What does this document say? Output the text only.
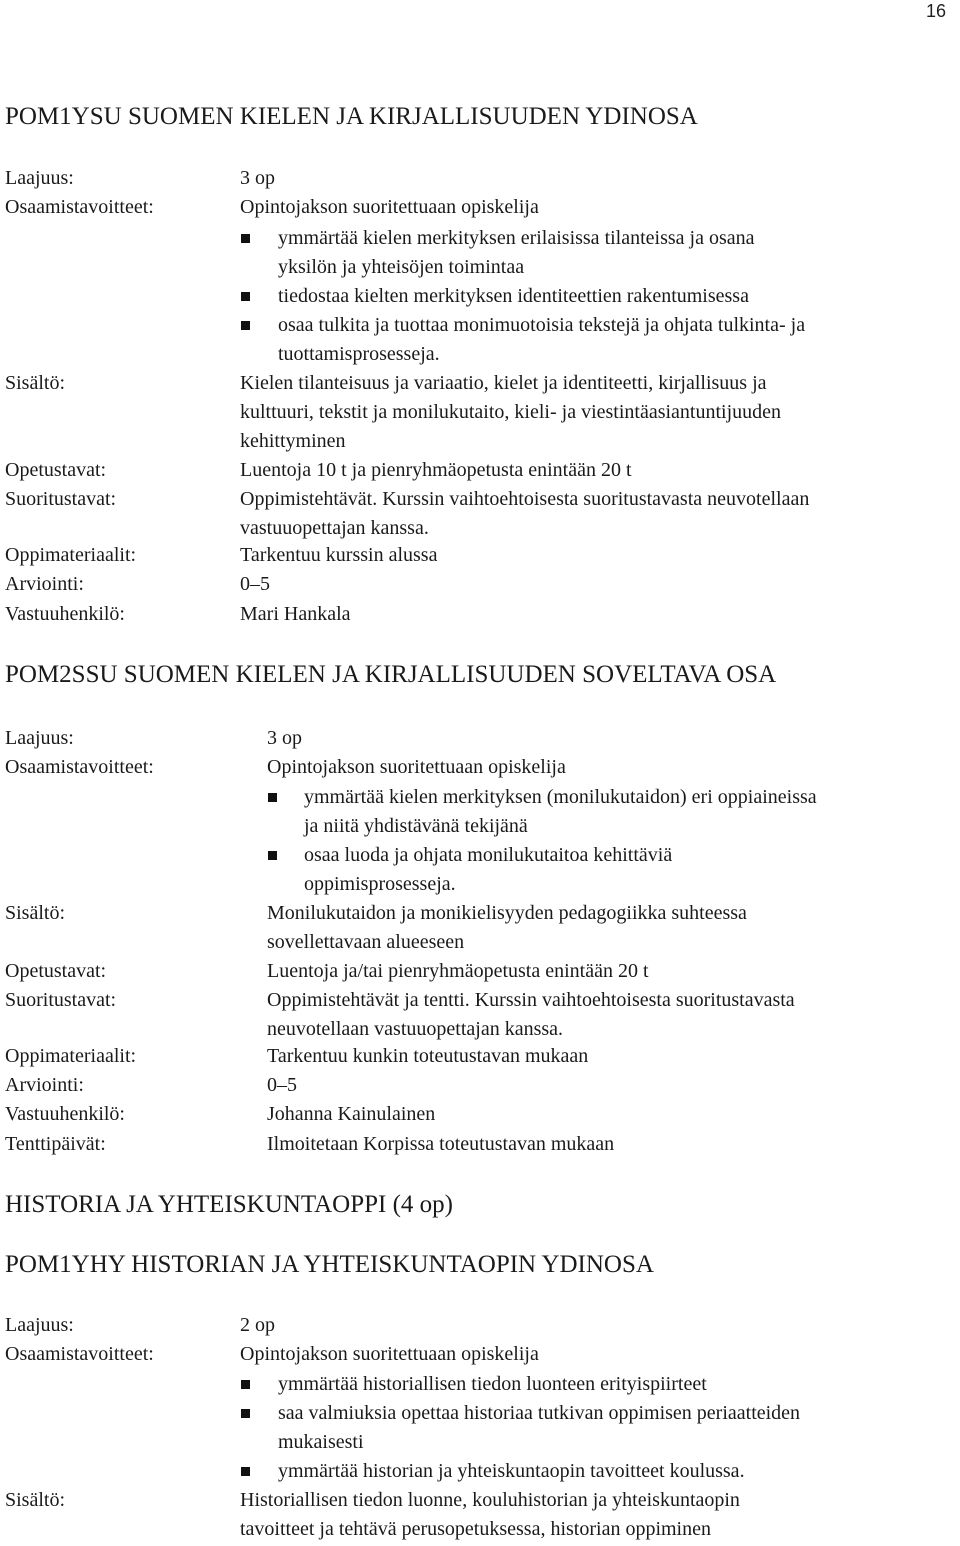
16
POM1YSU SUOMEN KIELEN JA KIRJALLISUUDEN YDINOSA
Laajuus:	3 op
Osaamistavoitteet:	Opintojakson suoritettuaan opiskelija
ymmärtää kielen merkityksen erilaisissa tilanteissa ja osana
yksilön ja yhteisöjen toimintaa
tiedostaa kielten merkityksen identiteettien rakentumisessa
osaa tulkita ja tuottaa monimuotoisia tekstejä ja ohjata tulkinta- ja
tuottamisprosesseja.
Sisältö:	Kielen tilanteisuus ja variaatio, kielet ja identiteetti, kirjallisuus ja
kulttuuri, tekstit ja monilukutaito, kieli- ja viestintäasiantuntijuuden
kehittyminen
Opetustavat:	Luentoja 10 t ja pienryhmäopetusta enintään 20 t
Suoritustavat:	Oppimistehtävät. Kurssin vaihtoehtoisesta suoritustavasta neuvotellaan
vastuuopettajan kanssa.
Oppimateriaalit:	Tarkentuu kurssin alussa
Arviointi:	0–5
Vastuuhenkilö:	Mari Hankala
POM2SSU SUOMEN KIELEN JA KIRJALLISUUDEN SOVELTAVA OSA
Laajuus:	3 op
Osaamistavoitteet:	Opintojakson suoritettuaan opiskelija
ymmärtää kielen merkityksen (monilukutaidon) eri oppiaineissa
ja niitä yhdistävänä tekijänä
osaa luoda ja ohjata monilukutaitoa kehittäviä
oppimisprosesseja.
Sisältö:	Monilukutaidon ja monikielisyyden pedagogiikka suhteessa
sovellettavaan alueeseen
Opetustavat:	Luentoja ja/tai pienryhmäopetusta enintään 20 t
Suoritustavat:	Oppimistehtävät ja tentti. Kurssin vaihtoehtoisesta suoritustavasta
neuvotellaan vastuuopettajan kanssa.
Oppimateriaalit:	Tarkentuu kunkin toteutustavan mukaan
Arviointi:	0–5
Vastuuhenkilö:	Johanna Kainulainen
Tenttipäivät:	Ilmoitetaan Korpissa toteutustavan mukaan
HISTORIA JA YHTEISKUNTAOPPI (4 op)
POM1YHY HISTORIAN JA YHTEISKUNTAOPIN YDINOSA
Laajuus:	2 op
Osaamistavoitteet:	Opintojakson suoritettuaan opiskelija
ymmärtää historiallisen tiedon luonteen erityispiirteet
saa valmiuksia opettaa historiaa tutkivan oppimisen periaatteiden
mukaisesti
ymmärtää historian ja yhteiskuntaopin tavoitteet koulussa.
Sisältö:	Historiallisen tiedon luonne, kouluhistorian ja yhteiskuntaopin
tavoitteet ja tehtävä perusopetuksessa, historian oppiminen
